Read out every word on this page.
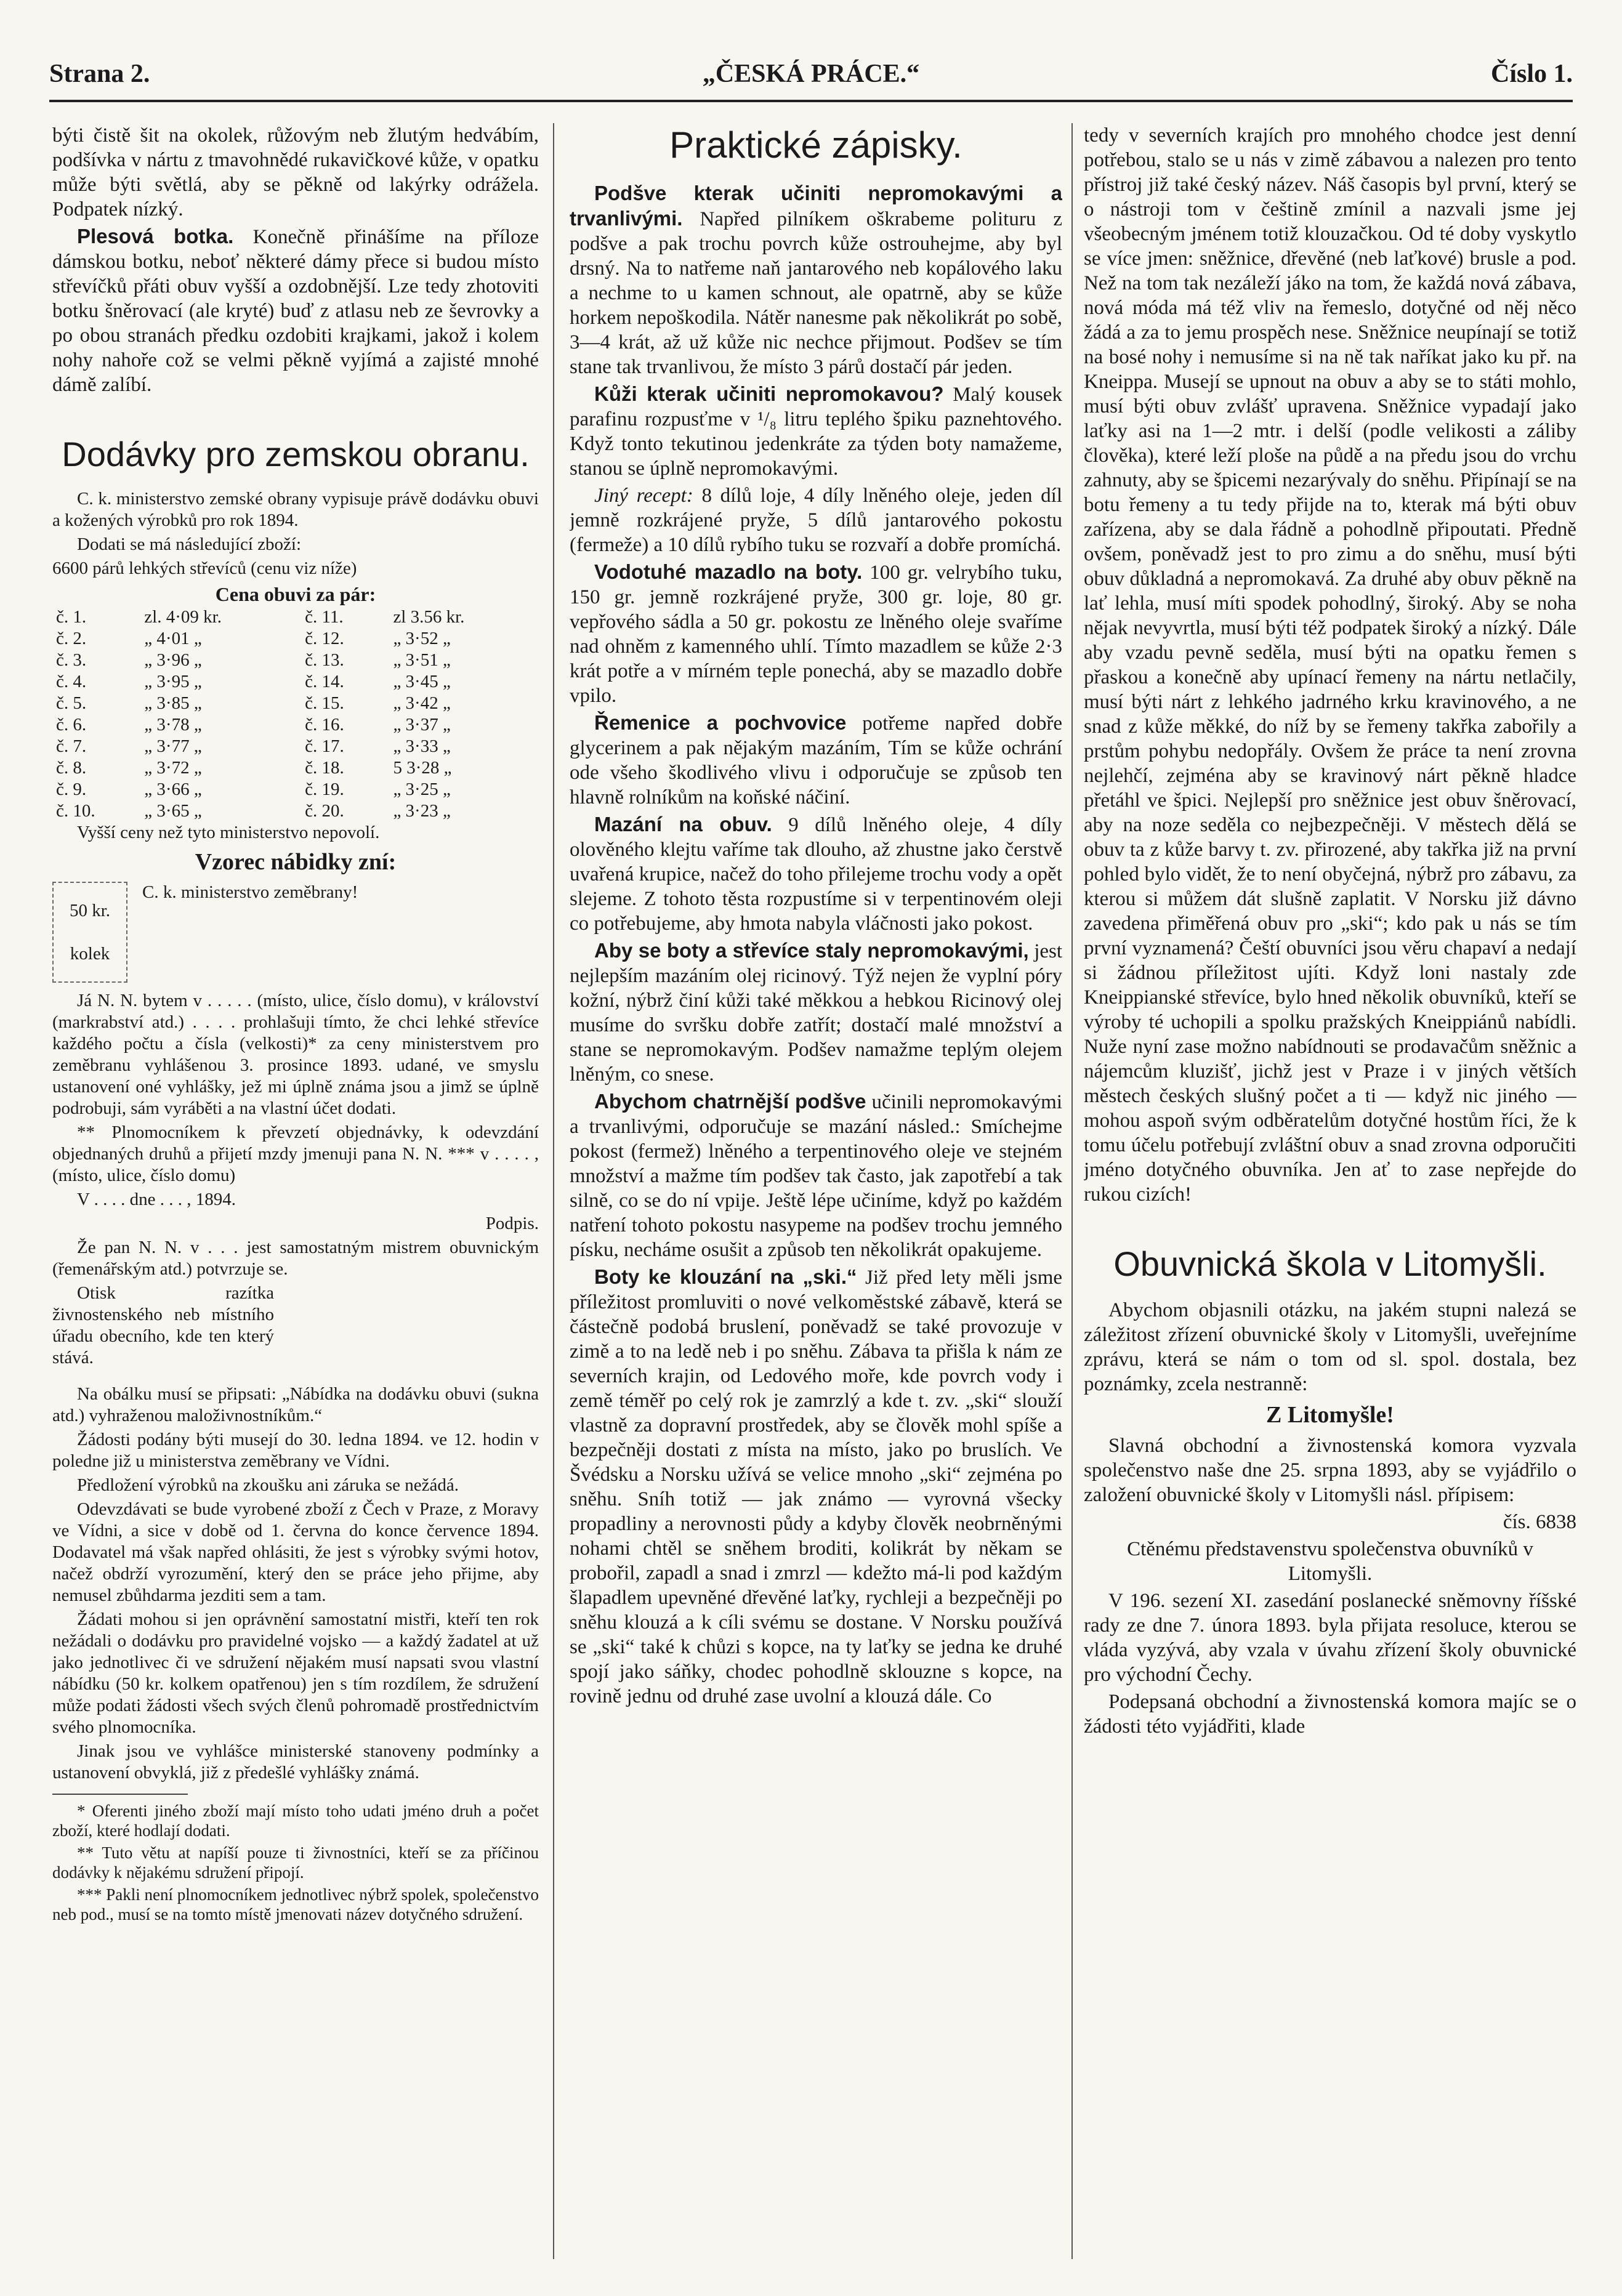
Strana 2.	„ČESKÁ PRÁCE.“	Číslo 1.

býti čistě šit na okolek, růžovým neb žlutým hedvábím, podšívka v nártu z tmavohnědé rukavičkové kůže, v opatku může býti světlá, aby se pěkně od lakýrky odrážela. Podpatek nízký.

Plesová botka. Konečně přinášíme na příloze dámskou botku, neboť některé dámy přece si budou místo střevíčků přáti obuv vyšší a ozdobnější. Lze tedy zhotoviti botku šněrovací (ale kryté) buď z atlasu neb ze ševrovky a po obou stranách předku ozdobiti krajkami, jakož i kolem nohy nahoře což se velmi pěkně vyjímá a zajisté mnohé dámě zalíbí.

Dodávky pro zemskou obranu.

C. k. ministerstvo zemské obrany vypisuje právě dodávku obuvi a kožených výrobků pro rok 1894.

Dodati se má následující zboží:

6600 párů lehkých střevíců (cenu viz níže)

Cena obuvi za pár:
č. 1.	zl. 4·09 kr.	č. 11.	zl 3.56 kr.
č. 2.	„ 4·01 „	č. 12.	„ 3·52 „
č. 3.	„ 3·96 „	č. 13.	„ 3·51 „
č. 4.	„ 3·95 „	č. 14.	„ 3·45 „
č. 5.	„ 3·85 „	č. 15.	„ 3·42 „
č. 6.	„ 3·78 „	č. 16.	„ 3·37 „
č. 7.	„ 3·77 „	č. 17.	„ 3·33 „
č. 8.	„ 3·72 „	č. 18.	5 3·28 „
č. 9.	„ 3·66 „	č. 19.	„ 3·25 „
č. 10.	„ 3·65 „	č. 20.	„ 3·23 „

Vyšší ceny než tyto ministerstvo nepovolí.

Vzorec nábidky zní:
50 kr.
kolek

C. k. ministerstvo zeměbrany!

Já N. N. bytem v . . . . . (místo, ulice, číslo domu), v království (markrabství atd.) . . . . prohlašuji tímto, že chci lehké střevíce každého počtu a čísla (velkosti)* za ceny ministerstvem pro zeměbranu vyhlášenou 3. prosince 1893. udané, ve smyslu ustanovení oné vyhlášky, jež mi úplně známa jsou a jimž se úplně podrobuji, sám vyráběti a na vlastní účet dodati.

** Plnomocníkem k převzetí objednávky, k odevzdání objednaných druhů a přijetí mzdy jmenuji pana N. N. *** v . . . . , (místo, ulice, číslo domu)

V . . . . dne . . . , 1894.

Podpis.

Že pan N. N. v . . . jest samostatným mistrem obuvnickým (řemenářským atd.) potvrzuje se.

Otisk razítka živnostenského neb místního úřadu obecního, kde ten který stává.

Na obálku musí se připsati: „Nábídka na dodávku obuvi (sukna atd.) vyhraženou maloživnostníkům.“

Žádosti podány býti musejí do 30. ledna 1894. ve 12. hodin v poledne již u ministerstva zeměbrany ve Vídni.

Předložení výrobků na zkoušku ani záruka se nežádá.

Odevzdávati se bude vyrobené zboží z Čech v Praze, z Moravy ve Vídni, a sice v době od 1. června do konce července 1894. Dodavatel má však napřed ohlásiti, že jest s výrobky svými hotov, načež obdrží vyrozumění, který den se práce jeho přijme, aby nemusel zbůhdarma jezditi sem a tam.

Žádati mohou si jen oprávnění samostatní mistři, kteří ten rok nežádali o dodávku pro pravidelné vojsko — a každý žadatel at už jako jednotlivec či ve sdružení nějakém musí napsati svou vlastní nábídku (50 kr. kolkem opatřenou) jen s tím rozdílem, že sdružení může podati žádosti všech svých členů pohromadě prostřednictvím svého plnomocníka.

Jinak jsou ve vyhlášce ministerské stanoveny podmínky a ustanovení obvyklá, již z předešlé vyhlášky známá.

* Oferenti jiného zboží mají místo toho udati jméno druh a počet zboží, které hodlají dodati.

** Tuto větu at napíší pouze ti živnostníci, kteří se za příčinou dodávky k nějakému sdružení připojí.

*** Pakli není plnomocníkem jednotlivec nýbrž spolek, společenstvo neb pod., musí se na tomto místě jmenovati název dotyčného sdružení.

Praktické zápisky.

Podšve kterak učiniti nepromokavými a trvanlivými. Napřed pilníkem oškrabeme polituru z podšve a pak trochu povrch kůže ostrouhejme, aby byl drsný. Na to natřeme naň jantarového neb kopálového laku a nechme to u kamen schnout, ale opatrně, aby se kůže horkem nepoškodila. Nátěr nanesme pak několikrát po sobě, 3—4 krát, až už kůže nic nechce přijmout. Podšev se tím stane tak trvanlivou, že místo 3 párů dostačí pár jeden.

Kůži kterak učiniti nepromokavou? Malý kousek parafinu rozpusťme v ¹/₈ litru teplého špiku paznehtového. Když tonto tekutinou jedenkráte za týden boty namažeme, stanou se úplně nepromokavými.

Jiný recept: 8 dílů loje, 4 díly lněného oleje, jeden díl jemně rozkrájené pryže, 5 dílů jantarového pokostu (fermeže) a 10 dílů rybího tuku se rozvaří a dobře promíchá.

Vodotuhé mazadlo na boty. 100 gr. velrybího tuku, 150 gr. jemně rozkrájené pryže, 300 gr. loje, 80 gr. vepřového sádla a 50 gr. pokostu ze lněného oleje svaříme nad ohněm z kamenného uhlí. Tímto mazadlem se kůže 2·3 krát potře a v mírném teple ponechá, aby se mazadlo dobře vpilo.

Řemenice a pochvovice potřeme napřed dobře glycerinem a pak nějakým mazáním, Tím se kůže ochrání ode všeho škodlivého vlivu i odporučuje se způsob ten hlavně rolníkům na koňské náčiní.

Mazání na obuv. 9 dílů lněného oleje, 4 díly olověného klejtu vaříme tak dlouho, až zhustne jako čerstvě uvařená krupice, načež do toho přilejeme trochu vody a opět slejeme. Z tohoto těsta rozpustíme si v terpentinovém oleji co potřebujeme, aby hmota nabyla vláčnosti jako pokost.

Aby se boty a střevíce staly nepromokavými, jest nejlepším mazáním olej ricinový. Týž nejen že vyplní póry kožní, nýbrž činí kůži také měkkou a hebkou Ricinový olej musíme do svršku dobře zatřít; dostačí malé množství a stane se nepromokavým. Podšev namažme teplým olejem lněným, co snese.

Abychom chatrnější podšve učinili nepromokavými a trvanlivými, odporučuje se mazání násled.: Smíchejme pokost (fermež) lněného a terpentinového oleje ve stejném množství a mažme tím podšev tak často, jak zapotřebí a tak silně, co se do ní vpije. Ještě lépe učiníme, když po každém natření tohoto pokostu nasypeme na podšev trochu jemného písku, necháme osušit a způsob ten několikrát opakujeme.

Boty ke klouzání na „ski.“ Již před lety měli jsme příležitost promluviti o nové velkoměstské zábavě, která se částečně podobá bruslení, poněvadž se také provozuje v zimě a to na ledě neb i po sněhu. Zábava ta přišla k nám ze severních krajin, od Ledového moře, kde povrch vody i země téměř po celý rok je zamrzlý a kde t. zv. „ski“ slouží vlastně za dopravní prostředek, aby se člověk mohl spíše a bezpečněji dostati z místa na místo, jako po bruslích. Ve Švédsku a Norsku užívá se velice mnoho „ski“ zejména po sněhu. Sníh totiž — jak známo — vyrovná všecky propadliny a nerovnosti půdy a kdyby člověk neobrněnými nohami chtěl se sněhem broditi, kolikrát by někam se probořil, zapadl a snad i zmrzl — kdežto má-li pod každým šlapadlem upevněné dřevěné laťky, rychleji a bezpečněji po sněhu klouzá a k cíli svému se dostane. V Norsku používá se „ski“ také k chůzi s kopce, na ty laťky se jedna ke druhé spojí jako sáňky, chodec pohodlně sklouzne s kopce, na rovině jednu od druhé zase uvolní a klouzá dále. Co

tedy v severních krajích pro mnohého chodce jest denní potřebou, stalo se u nás v zimě zábavou a nalezen pro tento přístroj již také český název. Náš časopis byl první, který se o nástroji tom v češtině zmínil a nazvali jsme jej všeobecným jménem totiž klouzačkou. Od té doby vyskytlo se více jmen: sněžnice, dřevěné (neb laťkové) brusle a pod. Než na tom tak nezáleží jáko na tom, že každá nová zábava, nová móda má též vliv na řemeslo, dotyčné od něj něco žádá a za to jemu prospěch nese. Sněžnice neupínají se totiž na bosé nohy i nemusíme si na ně tak naříkat jako ku př. na Kneippa. Musejí se upnout na obuv a aby se to státi mohlo, musí býti obuv zvlášť upravena. Sněžnice vypadají jako laťky asi na 1—2 mtr. i delší (podle velikosti a záliby člověka), které leží ploše na půdě a na předu jsou do vrchu zahnuty, aby se špicemi nezarývaly do sněhu. Připínají se na botu řemeny a tu tedy přijde na to, kterak má býti obuv zařízena, aby se dala řádně a pohodlně připoutati. Předně ovšem, poněvadž jest to pro zimu a do sněhu, musí býti obuv důkladná a nepromokavá. Za druhé aby obuv pěkně na lať lehla, musí míti spodek pohodlný, široký. Aby se noha nějak nevyvrtla, musí býti též podpatek široký a nízký. Dále aby vzadu pevně seděla, musí býti na opatku řemen s přaskou a konečně aby upínací řemeny na nártu netlačily, musí býti nárt z lehkého jadrného krku kravinového, a ne snad z kůže měkké, do níž by se řemeny takřka zabořily a prstům pohybu nedopřály. Ovšem že práce ta není zrovna nejlehčí, zejména aby se kravinový nárt pěkně hladce přetáhl ve špici. Nejlepší pro sněžnice jest obuv šněrovací, aby na noze seděla co nejbezpečněji. V městech dělá se obuv ta z kůže barvy t. zv. přirozené, aby takřka již na první pohled bylo vidět, že to není obyčejná, nýbrž pro zábavu, za kterou si můžem dát slušně zaplatit. V Norsku již dávno zavedena přiměřená obuv pro „ski“; kdo pak u nás se tím první vyznamená? Čeští obuvníci jsou věru chapaví a nedají si žádnou příležitost ujíti. Když loni nastaly zde Kneippianské střevíce, bylo hned několik obuvníků, kteří se výroby té uchopili a spolku pražských Kneippiánů nabídli. Nuže nyní zase možno nabídnouti se prodavačům sněžnic a nájemcům kluzišť, jichž jest v Praze i v jiných větších městech českých slušný počet a ti — když nic jiného — mohou aspoň svým odběratelům dotyčné hostům říci, že k tomu účelu potřebují zvláštní obuv a snad zrovna odporučiti jméno dotyčného obuvníka. Jen ať to zase nepřejde do rukou cizích!

Obuvnická škola v Litomyšli.

Abychom objasnili otázku, na jakém stupni nalezá se záležitost zřízení obuvnické školy v Litomyšli, uveřejníme zprávu, která se nám o tom od sl. spol. dostala, bez poznámky, zcela nestranně:

Z Litomyšle!

Slavná obchodní a živnostenská komora vyzvala společenstvo naše dne 25. srpna 1893, aby se vyjádřilo o založení obuvnické školy v Litomyšli násl. přípisem:

čís. 6838

Ctěnému představenstvu společenstva obuvníků v Litomyšli.

V 196. sezení XI. zasedání poslanecké sněmovny říšské rady ze dne 7. února 1893. byla přijata resoluce, kterou se vláda vyzývá, aby vzala v úvahu zřízení školy obuvnické pro východní Čechy.

Podepsaná obchodní a živnostenská komora majíc se o žádosti této vyjádřiti, klade
